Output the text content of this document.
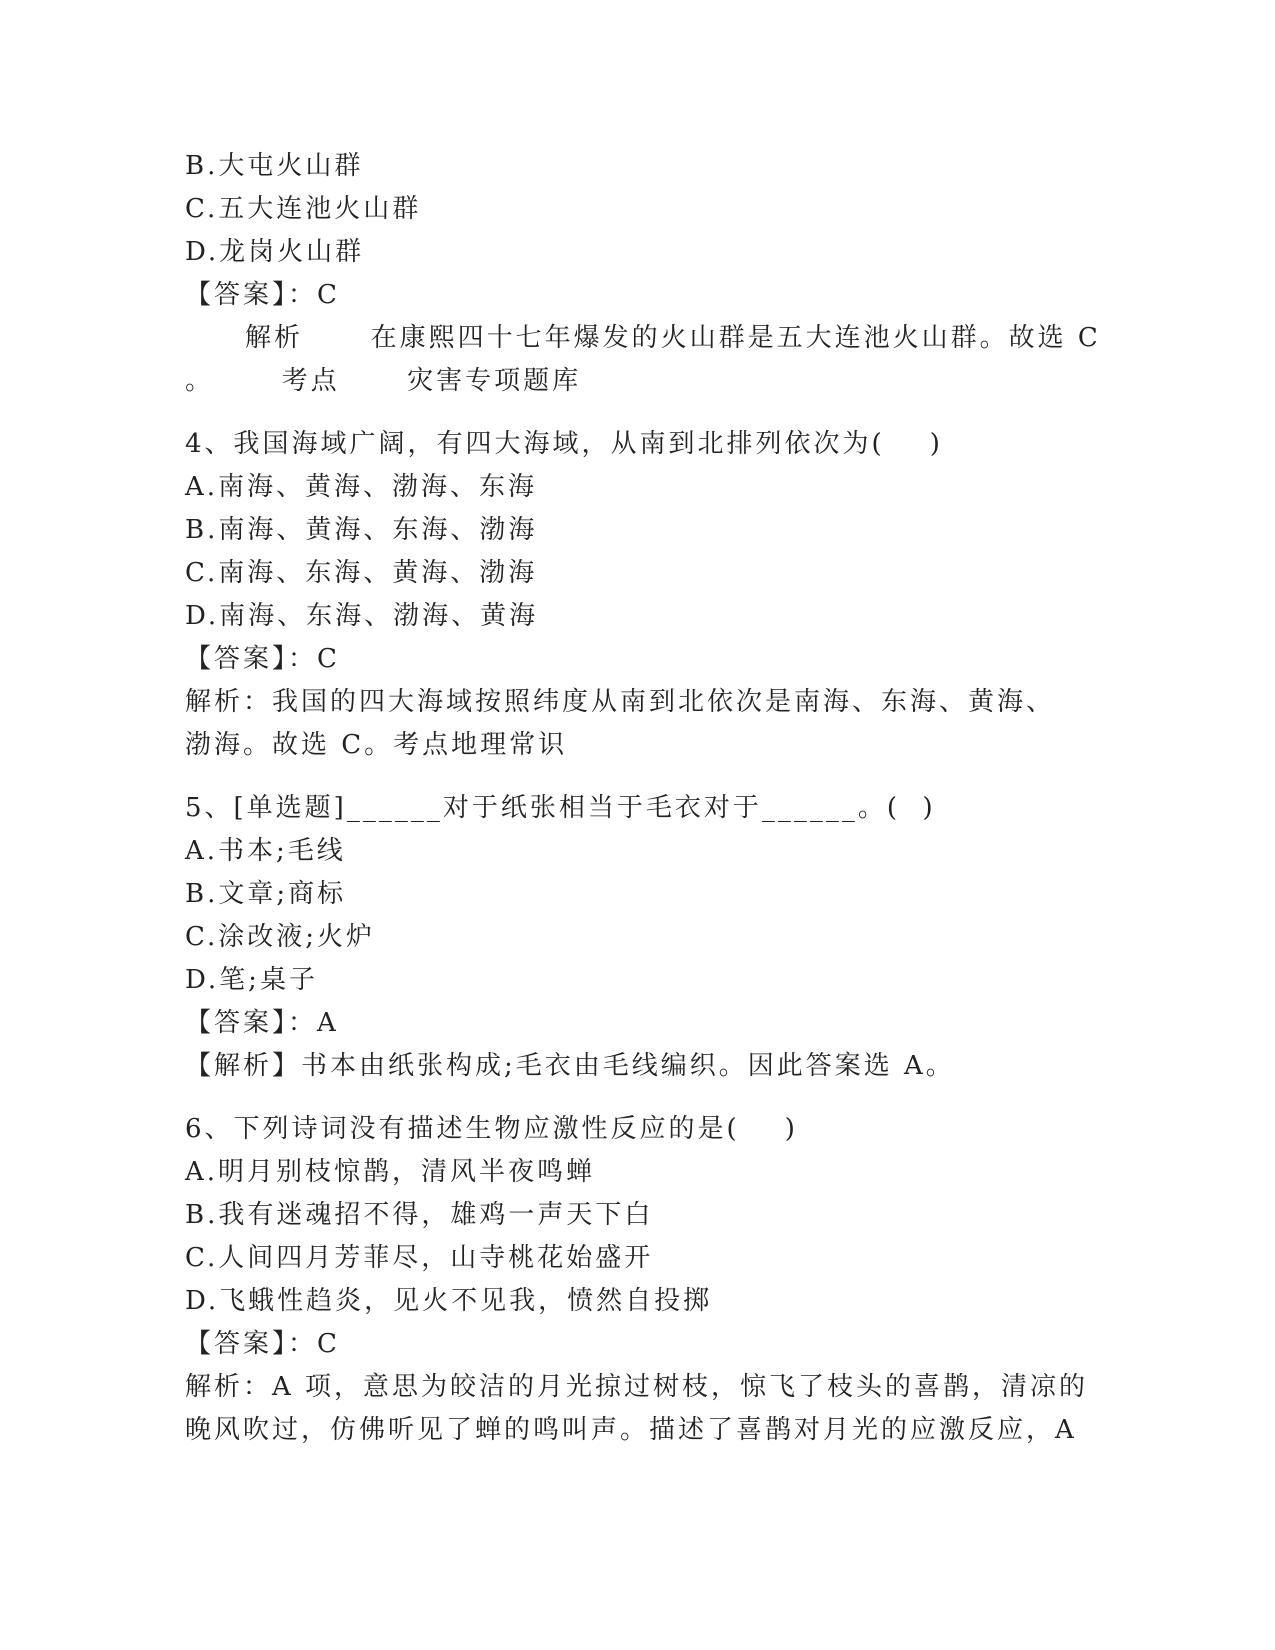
B.大屯火山群
C.五大连池火山群
D.龙岗火山群
【答案】：C
解析      在康熙四十七年爆发的火山群是五大连池火山群。故选 C
。      考点      灾害专项题库
4、我国海域广阔，有四大海域，从南到北排列依次为(    )
A.南海、黄海、渤海、东海
B.南海、黄海、东海、渤海
C.南海、东海、黄海、渤海
D.南海、东海、渤海、黄海
【答案】：C
解析：我国的四大海域按照纬度从南到北依次是南海、东海、黄海、
渤海。故选 C。考点地理常识
5、[单选题]______对于纸张相当于毛衣对于______。(  )
A.书本;毛线
B.文章;商标
C.涂改液;火炉
D.笔;桌子
【答案】：A
【解析】书本由纸张构成;毛衣由毛线编织。因此答案选 A。
6、下列诗词没有描述生物应激性反应的是(    )
A.明月别枝惊鹊，清风半夜鸣蝉
B.我有迷魂招不得，雄鸡一声天下白
C.人间四月芳菲尽，山寺桃花始盛开
D.飞蛾性趋炎，见火不见我，愤然自投掷
【答案】：C
解析：A 项，意思为皎洁的月光掠过树枝，惊飞了枝头的喜鹊，清凉的
晚风吹过，仿佛听见了蝉的鸣叫声。描述了喜鹊对月光的应激反应，A
